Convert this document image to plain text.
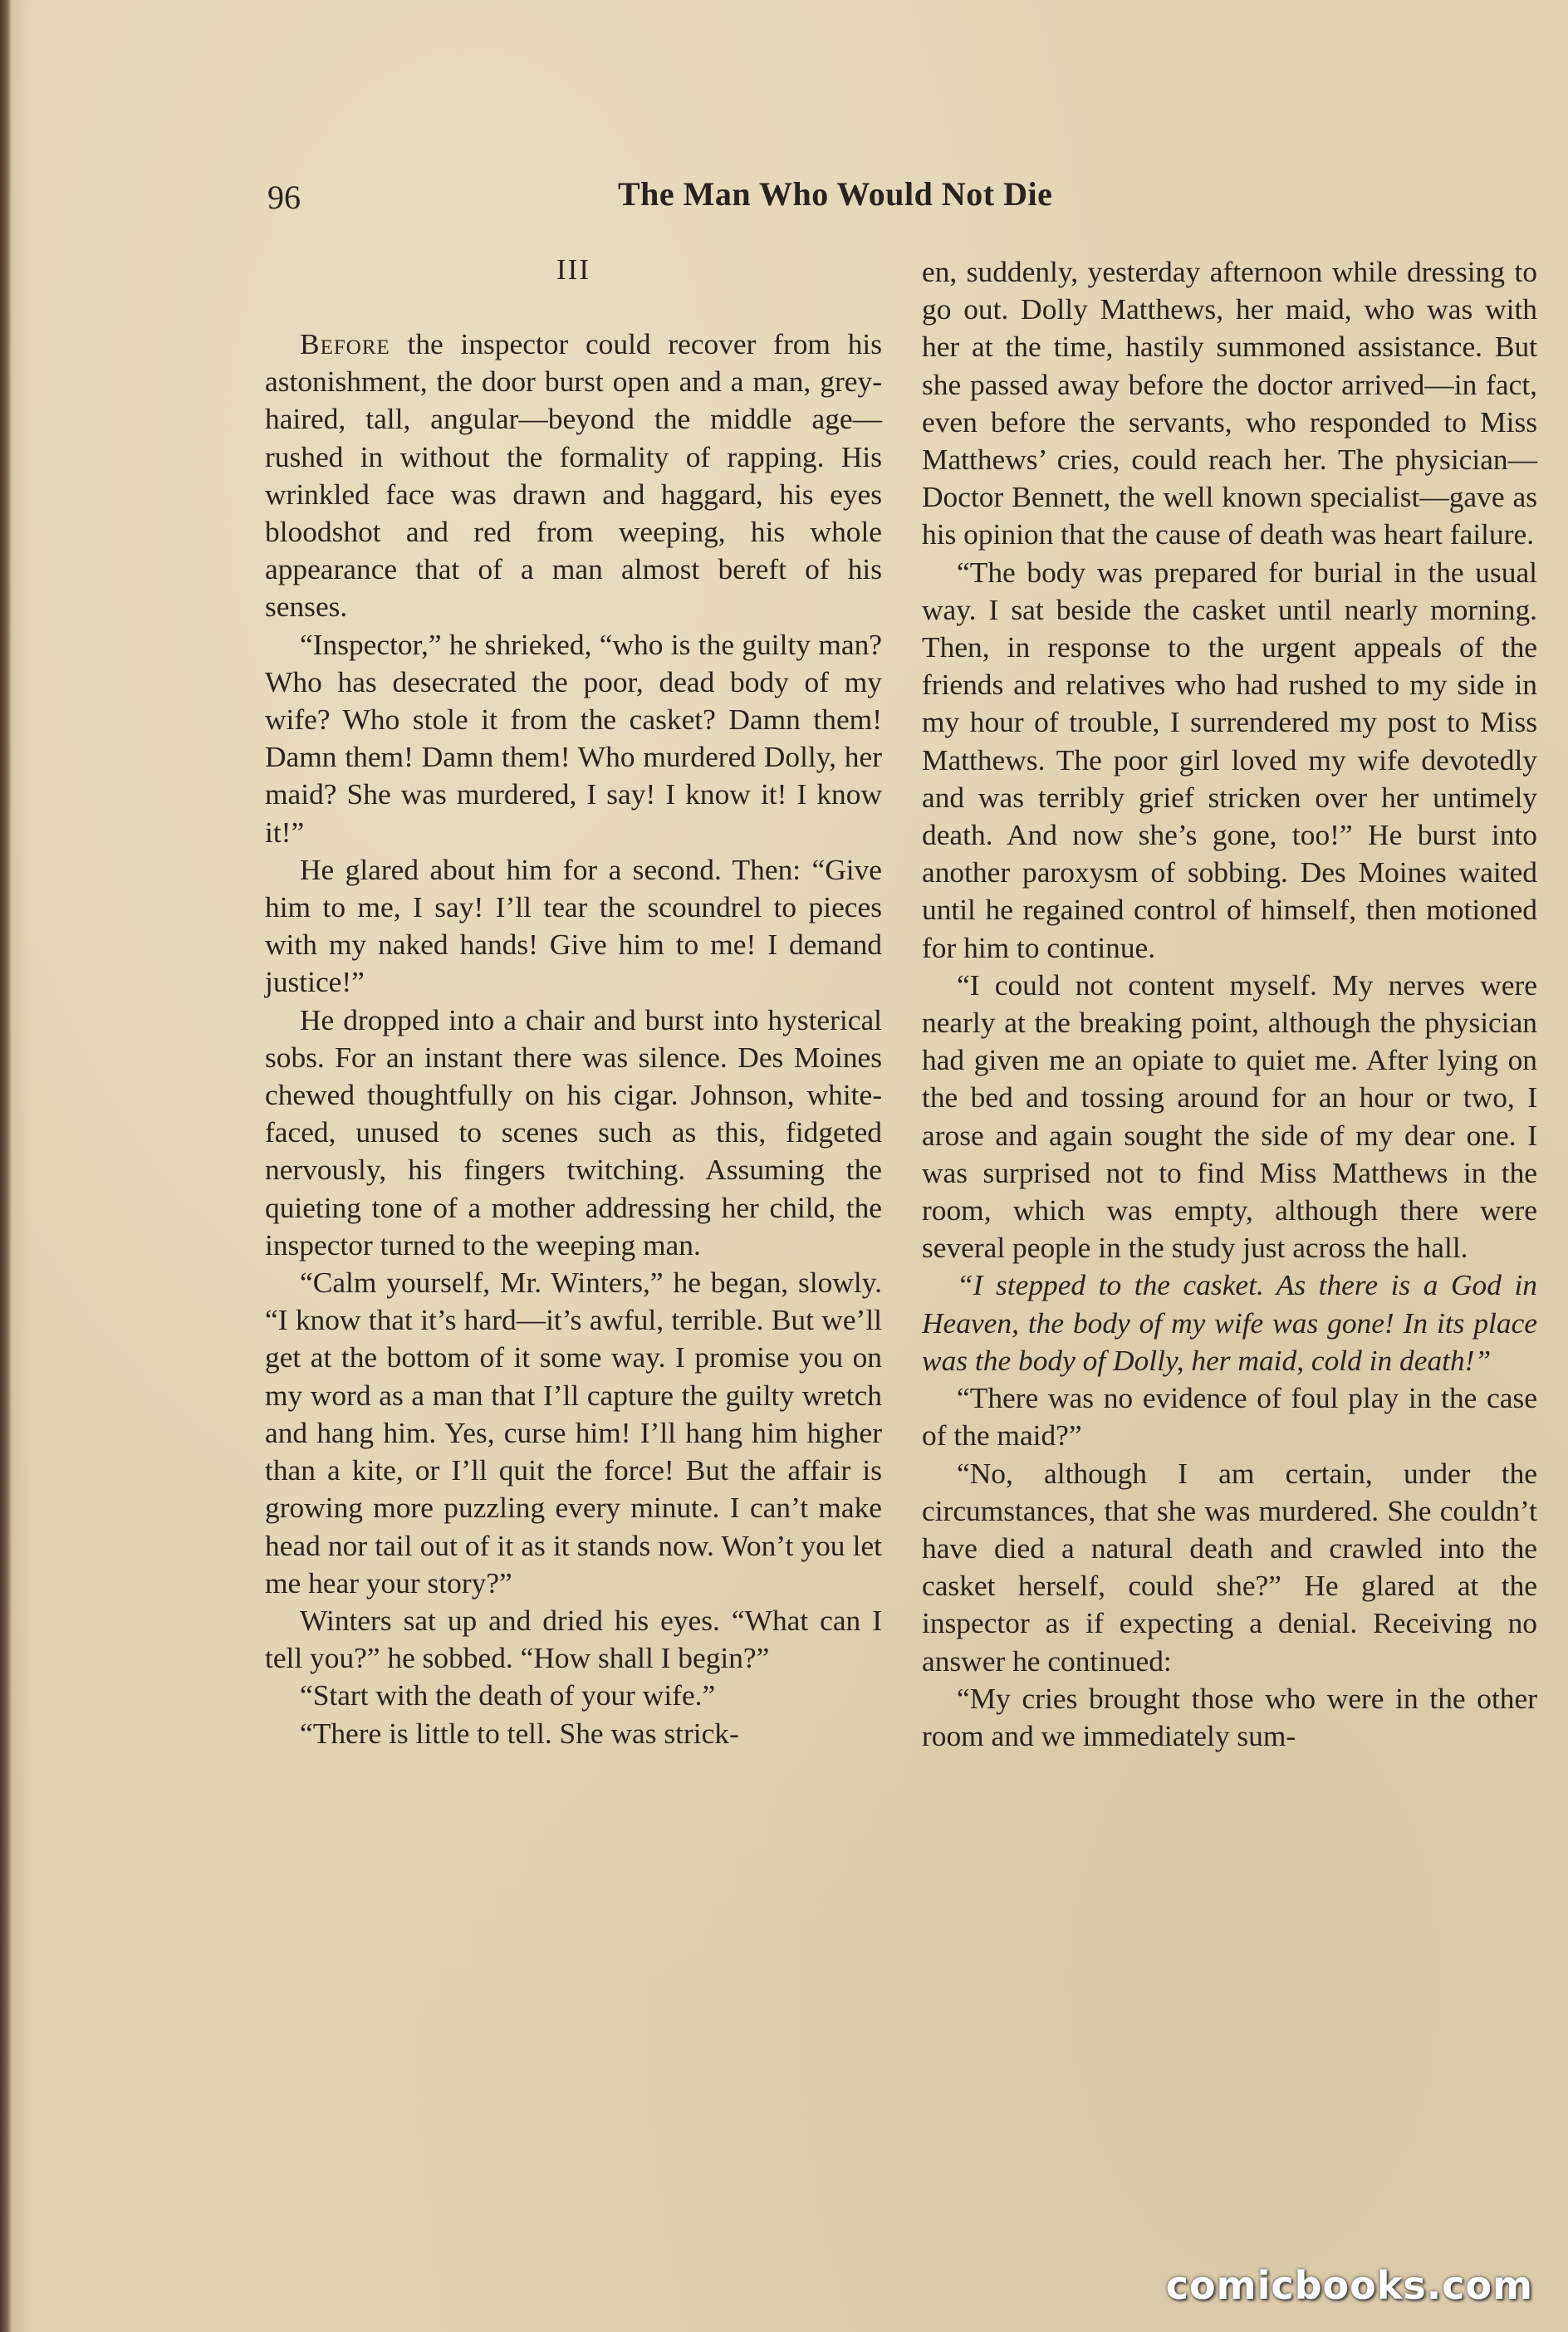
96	The Man Who Would Not Die
III

Before the inspector could recover from his astonishment, the door burst open and a man, grey-haired, tall, angular—beyond the middle age—rushed in without the formality of rapping. His wrinkled face was drawn and haggard, his eyes bloodshot and red from weeping, his whole appearance that of a man almost bereft of his senses.

“Inspector,” he shrieked, “who is the guilty man? Who has desecrated the poor, dead body of my wife? Who stole it from the casket? Damn them! Damn them! Damn them! Who murdered Dolly, her maid? She was murdered, I say! I know it! I know it!”

He glared about him for a second. Then: “Give him to me, I say! I’ll tear the scoundrel to pieces with my naked hands! Give him to me! I demand justice!”

He dropped into a chair and burst into hysterical sobs. For an instant there was silence. Des Moines chewed thoughtfully on his cigar. Johnson, white-faced, unused to scenes such as this, fidgeted nervously, his fingers twitching. Assuming the quieting tone of a mother addressing her child, the inspector turned to the weeping man.

“Calm yourself, Mr. Winters,” he began, slowly. “I know that it’s hard—it’s awful, terrible. But we’ll get at the bottom of it some way. I promise you on my word as a man that I’ll capture the guilty wretch and hang him. Yes, curse him! I’ll hang him higher than a kite, or I’ll quit the force! But the affair is growing more puzzling every minute. I can’t make head nor tail out of it as it stands now. Won’t you let me hear your story?”

Winters sat up and dried his eyes. “What can I tell you?” he sobbed. “How shall I begin?”

“Start with the death of your wife.”

“There is little to tell. She was strick-

en, suddenly, yesterday afternoon while dressing to go out. Dolly Matthews, her maid, who was with her at the time, hastily summoned assistance. But she passed away before the doctor arrived—in fact, even before the servants, who responded to Miss Matthews’ cries, could reach her. The physician—Doctor Bennett, the well known specialist—gave as his opinion that the cause of death was heart failure.

“The body was prepared for burial in the usual way. I sat beside the casket until nearly morning. Then, in response to the urgent appeals of the friends and relatives who had rushed to my side in my hour of trouble, I surrendered my post to Miss Matthews. The poor girl loved my wife devotedly and was terribly grief stricken over her untimely death. And now she’s gone, too!” He burst into another paroxysm of sobbing. Des Moines waited until he regained control of himself, then motioned for him to continue.

“I could not content myself. My nerves were nearly at the breaking point, although the physician had given me an opiate to quiet me. After lying on the bed and tossing around for an hour or two, I arose and again sought the side of my dear one. I was surprised not to find Miss Matthews in the room, which was empty, although there were several people in the study just across the hall.

“I stepped to the casket. As there is a God in Heaven, the body of my wife was gone! In its place was the body of Dolly, her maid, cold in death!”

“There was no evidence of foul play in the case of the maid?”

“No, although I am certain, under the circumstances, that she was murdered. She couldn’t have died a natural death and crawled into the casket herself, could she?” He glared at the inspector as if expecting a denial. Receiving no answer he continued:

“My cries brought those who were in the other room and we immediately sum-

comicbooks.com
